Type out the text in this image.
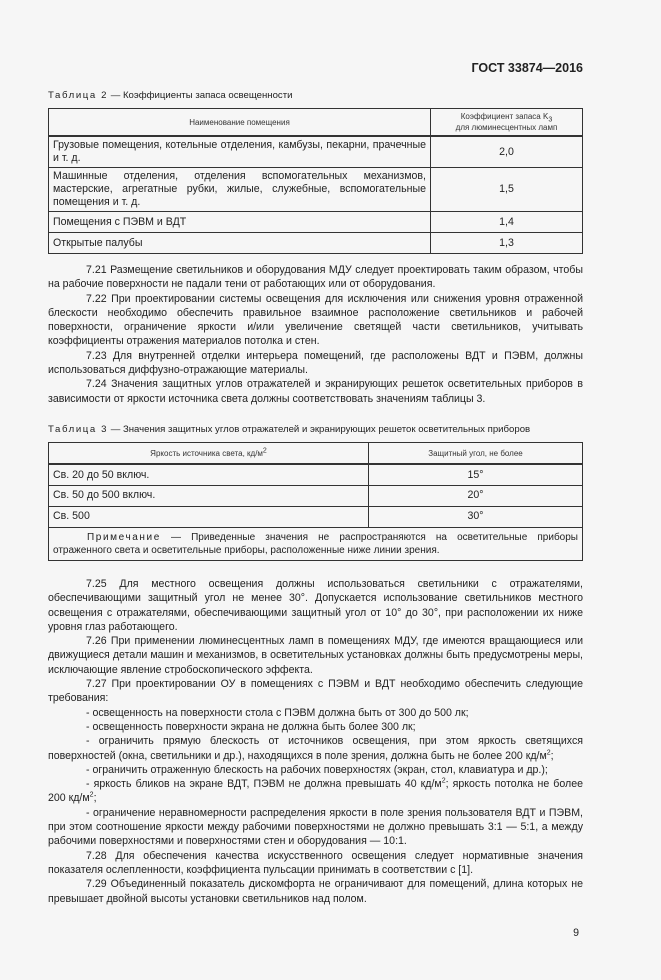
ГОСТ 33874—2016
Таблица 2 — Коэффициенты запаса освещенности
Наименование помещения	Коэффициент запаса $K_3$
для люминесцентных ламп
Грузовые помещения, котельные отделения, камбузы, пекарни, прачечные и т. д.	2,0
Машинные отделения, отделения вспомогательных механизмов, мастерские, агрегатные рубки, жилые, служебные, вспомогательные помещения и т. д.	1,5
Помещения с ПЭВМ и ВДТ	1,4
Открытые палубы	1,3

7.21 Размещение светильников и оборудования МДУ следует проектировать таким образом, чтобы на рабочие поверхности не падали тени от работающих или от оборудования.

7.22 При проектировании системы освещения для исключения или снижения уровня отраженной блескости необходимо обеспечить правильное взаимное расположение светильников и рабочей поверхности, ограничение яркости и/или увеличение светящей части светильников, учитывать коэффициенты отражения материалов потолка и стен.

7.23 Для внутренней отделки интерьера помещений, где расположены ВДТ и ПЭВМ, должны использоваться диффузно-отражающие материалы.

7.24 Значения защитных углов отражателей и экранирующих решеток осветительных приборов в зависимости от яркости источника света должны соответствовать значениям таблицы 3.

Таблица 3 — Значения защитных углов отражателей и экранирующих решеток осветительных приборов
Яркость источника света, $кд/м^2$	Защитный угол, не более
Св. 20 до 50 включ.	15°
Св. 50 до 500 включ.	20°
Св. 500	30°

Примечание — Приведенные значения не распространяются на осветительные приборы отраженного света и осветительные приборы, расположенные ниже линии зрения.	

7.25 Для местного освещения должны использоваться светильники с отражателями, обеспечивающими защитный угол не менее 30°. Допускается использование светильников местного освещения с отражателями, обеспечивающими защитный угол от 10° до 30°, при расположении их ниже уровня глаз работающего.

7.26 При применении люминесцентных ламп в помещениях МДУ, где имеются вращающиеся или движущиеся детали машин и механизмов, в осветительных установках должны быть предусмотрены меры, исключающие явление стробоскопического эффекта.

7.27 При проектировании ОУ в помещениях с ПЭВМ и ВДТ необходимо обеспечить следующие требования:

- освещенность на поверхности стола с ПЭВМ должна быть от 300 до 500 лк;

- освещенность поверхности экрана не должна быть более 300 лк;

- ограничить прямую блескость от источников освещения, при этом яркость светящихся поверхностей (окна, светильники и др.), находящихся в поле зрения, должна быть не более 200 $кд/м^2$;

- ограничить отраженную блескость на рабочих поверхностях (экран, стол, клавиатура и др.);

- яркость бликов на экране ВДТ, ПЭВМ не должна превышать 40 $кд/м^2$; яркость потолка не более 200 $кд/м^2$;

- ограничение неравномерности распределения яркости в поле зрения пользователя ВДТ и ПЭВМ, при этом соотношение яркости между рабочими поверхностями не должно превышать 3:1 — 5:1, а между рабочими поверхностями и поверхностями стен и оборудования — 10:1.

7.28 Для обеспечения качества искусственного освещения следует нормативные значения показателя ослепленности, коэффициента пульсации принимать в соответствии с [1].

7.29 Объединенный показатель дискомфорта не ограничивают для помещений, длина которых не превышает двойной высоты установки светильников над полом.

9
